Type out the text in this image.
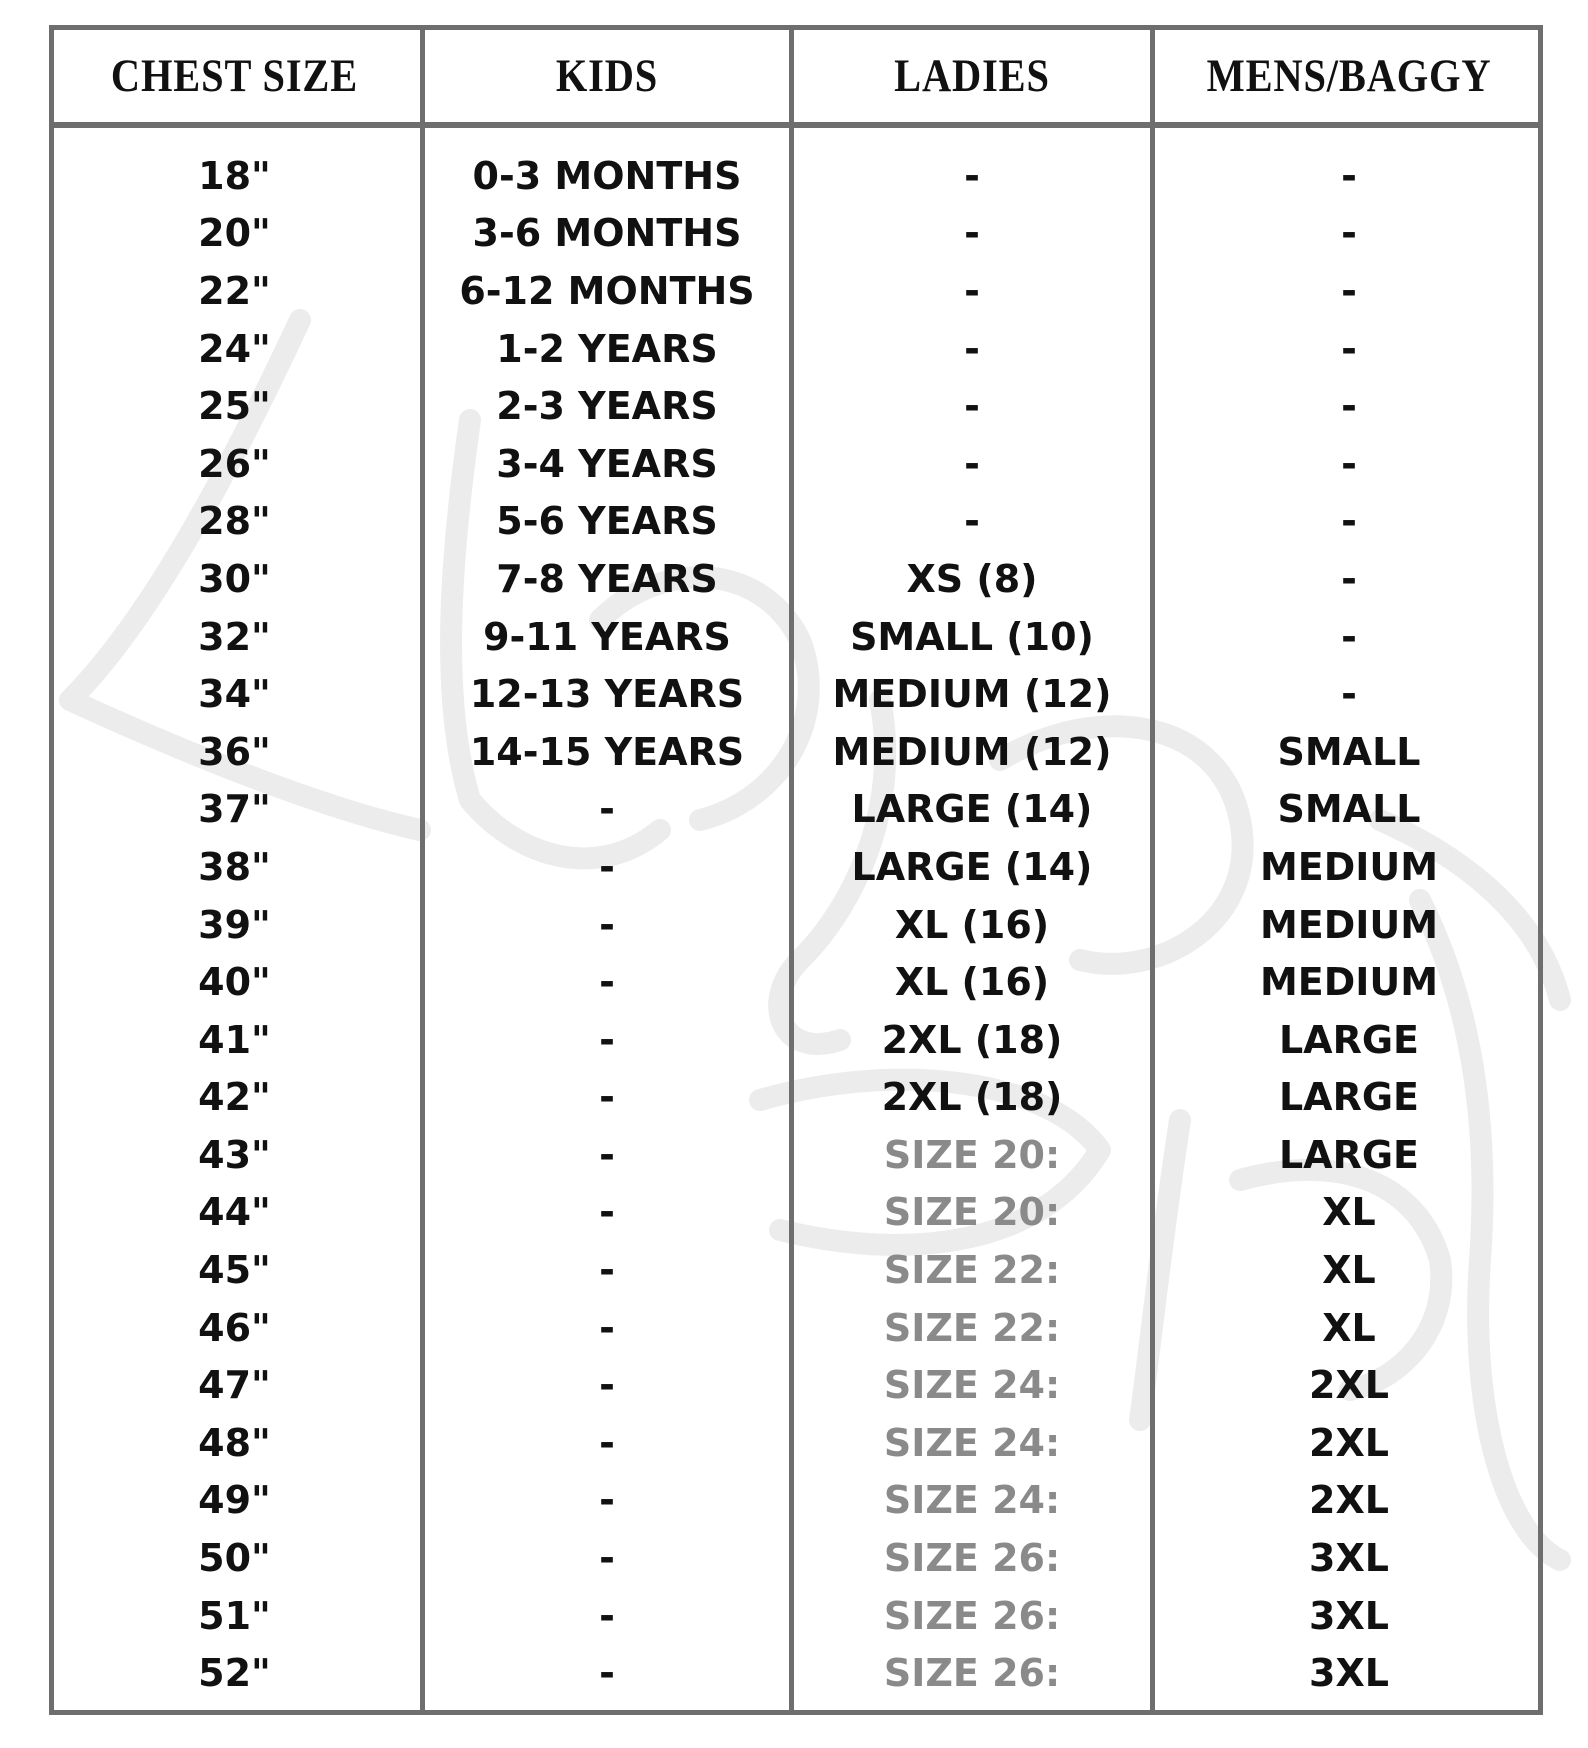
CHEST SIZE	KIDS	LADIES	MENS/BAGGY
18"	0-3 MONTHS	-	-
20"	3-6 MONTHS	-	-
22"	6-12 MONTHS	-	-
24"	1-2 YEARS	-	-
25"	2-3 YEARS	-	-
26"	3-4 YEARS	-	-
28"	5-6 YEARS	-	-
30"	7-8 YEARS	XS (8)	-
32"	9-11 YEARS	SMALL (10)	-
34"	12-13 YEARS	MEDIUM (12)	-
36"	14-15 YEARS	MEDIUM (12)	SMALL
37"	-	LARGE (14)	SMALL
38"	-	LARGE (14)	MEDIUM
39"	-	XL (16)	MEDIUM
40"	-	XL (16)	MEDIUM
41"	-	2XL (18)	LARGE
42"	-	2XL (18)	LARGE
43"	-	SIZE 20:	LARGE
44"	-	SIZE 20:	XL
45"	-	SIZE 22:	XL
46"	-	SIZE 22:	XL
47"	-	SIZE 24:	2XL
48"	-	SIZE 24:	2XL
49"	-	SIZE 24:	2XL
50"	-	SIZE 26:	3XL
51"	-	SIZE 26:	3XL
52"	-	SIZE 26:	3XL
